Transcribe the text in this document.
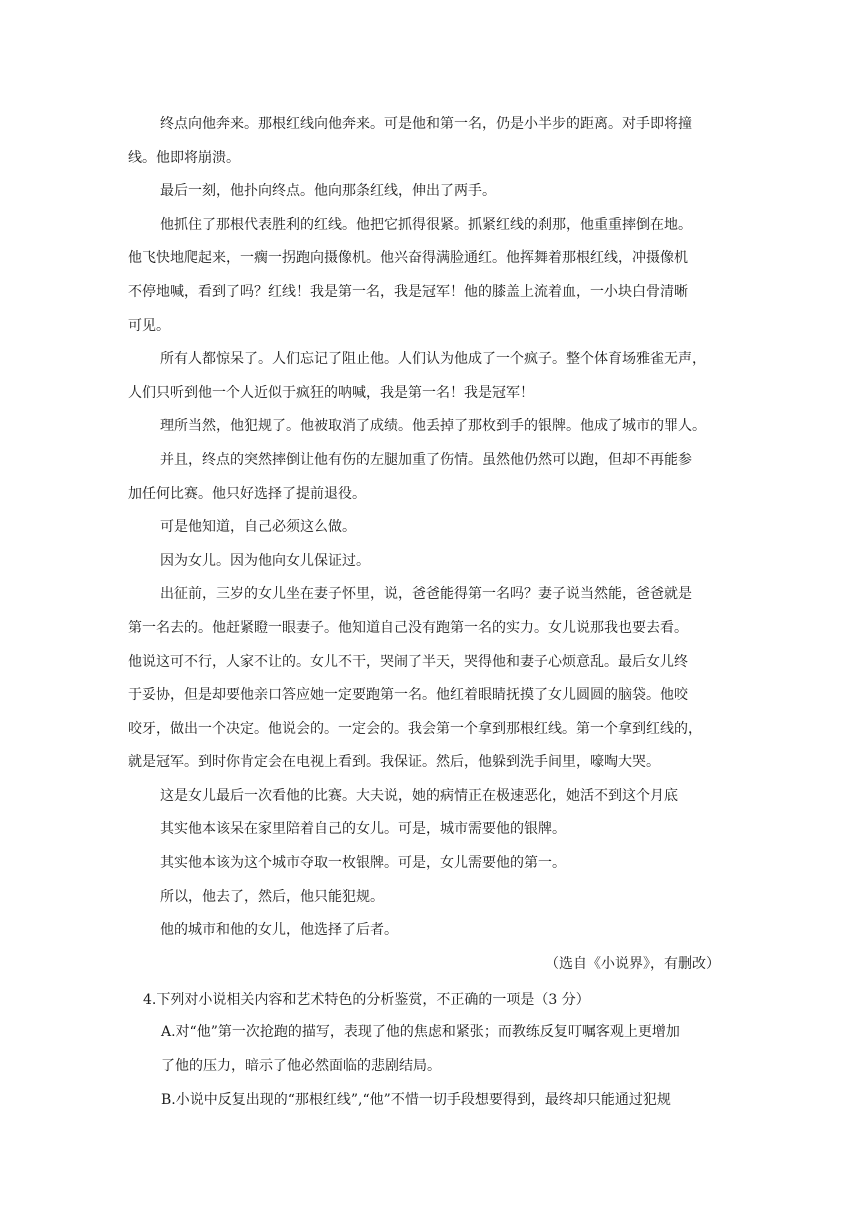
终点向他奔来。那根红线向他奔来。可是他和第一名，仍是小半步的距离。对手即将撞
线。他即将崩溃。
最后一刻，他扑向终点。他向那条红线，伸出了两手。
他抓住了那根代表胜利的红线。他把它抓得很紧。抓紧红线的刹那，他重重摔倒在地。
他飞快地爬起来，一瘸一拐跑向摄像机。他兴奋得满脸通红。他挥舞着那根红线，冲摄像机
不停地喊，看到了吗？红线！我是第一名，我是冠军！他的膝盖上流着血，一小块白骨清晰
可见。
所有人都惊呆了。人们忘记了阻止他。人们认为他成了一个疯子。整个体育场雅雀无声，
人们只听到他一个人近似于疯狂的呐喊，我是第一名！我是冠军！
理所当然，他犯规了。他被取消了成绩。他丢掉了那枚到手的银牌。他成了城市的罪人。
并且，终点的突然摔倒让他有伤的左腿加重了伤情。虽然他仍然可以跑，但却不再能参
加任何比赛。他只好选择了提前退役。
可是他知道，自己必须这么做。
因为女儿。因为他向女儿保证过。
出征前，三岁的女儿坐在妻子怀里，说，爸爸能得第一名吗？妻子说当然能，爸爸就是
第一名去的。他赶紧瞪一眼妻子。他知道自己没有跑第一名的实力。女儿说那我也要去看。
他说这可不行，人家不让的。女儿不干，哭闹了半天，哭得他和妻子心烦意乱。最后女儿终
于妥协，但是却要他亲口答应她一定要跑第一名。他红着眼睛抚摸了女儿圆圆的脑袋。他咬
咬牙，做出一个决定。他说会的。一定会的。我会第一个拿到那根红线。第一个拿到红线的，
就是冠军。到时你肯定会在电视上看到。我保证。然后，他躲到洗手间里，嚎啕大哭。
这是女儿最后一次看他的比赛。大夫说，她的病情正在极速恶化，她活不到这个月底
其实他本该呆在家里陪着自己的女儿。可是，城市需要他的银牌。
其实他本该为这个城市夺取一枚银牌。可是，女儿需要他的第一。
所以，他去了，然后，他只能犯规。
他的城市和他的女儿，他选择了后者。
（选自《小说界》，有删改）
4.下列对小说相关内容和艺术特色的分析鉴赏，不正确的一项是（3 分）
A.对“他”第一次抢跑的描写，表现了他的焦虑和紧张；而教练反复叮嘱客观上更增加
了他的压力，暗示了他必然面临的悲剧结局。
B.小说中反复出现的“那根红线”,“他”不惜一切手段想要得到，最终却只能通过犯规
